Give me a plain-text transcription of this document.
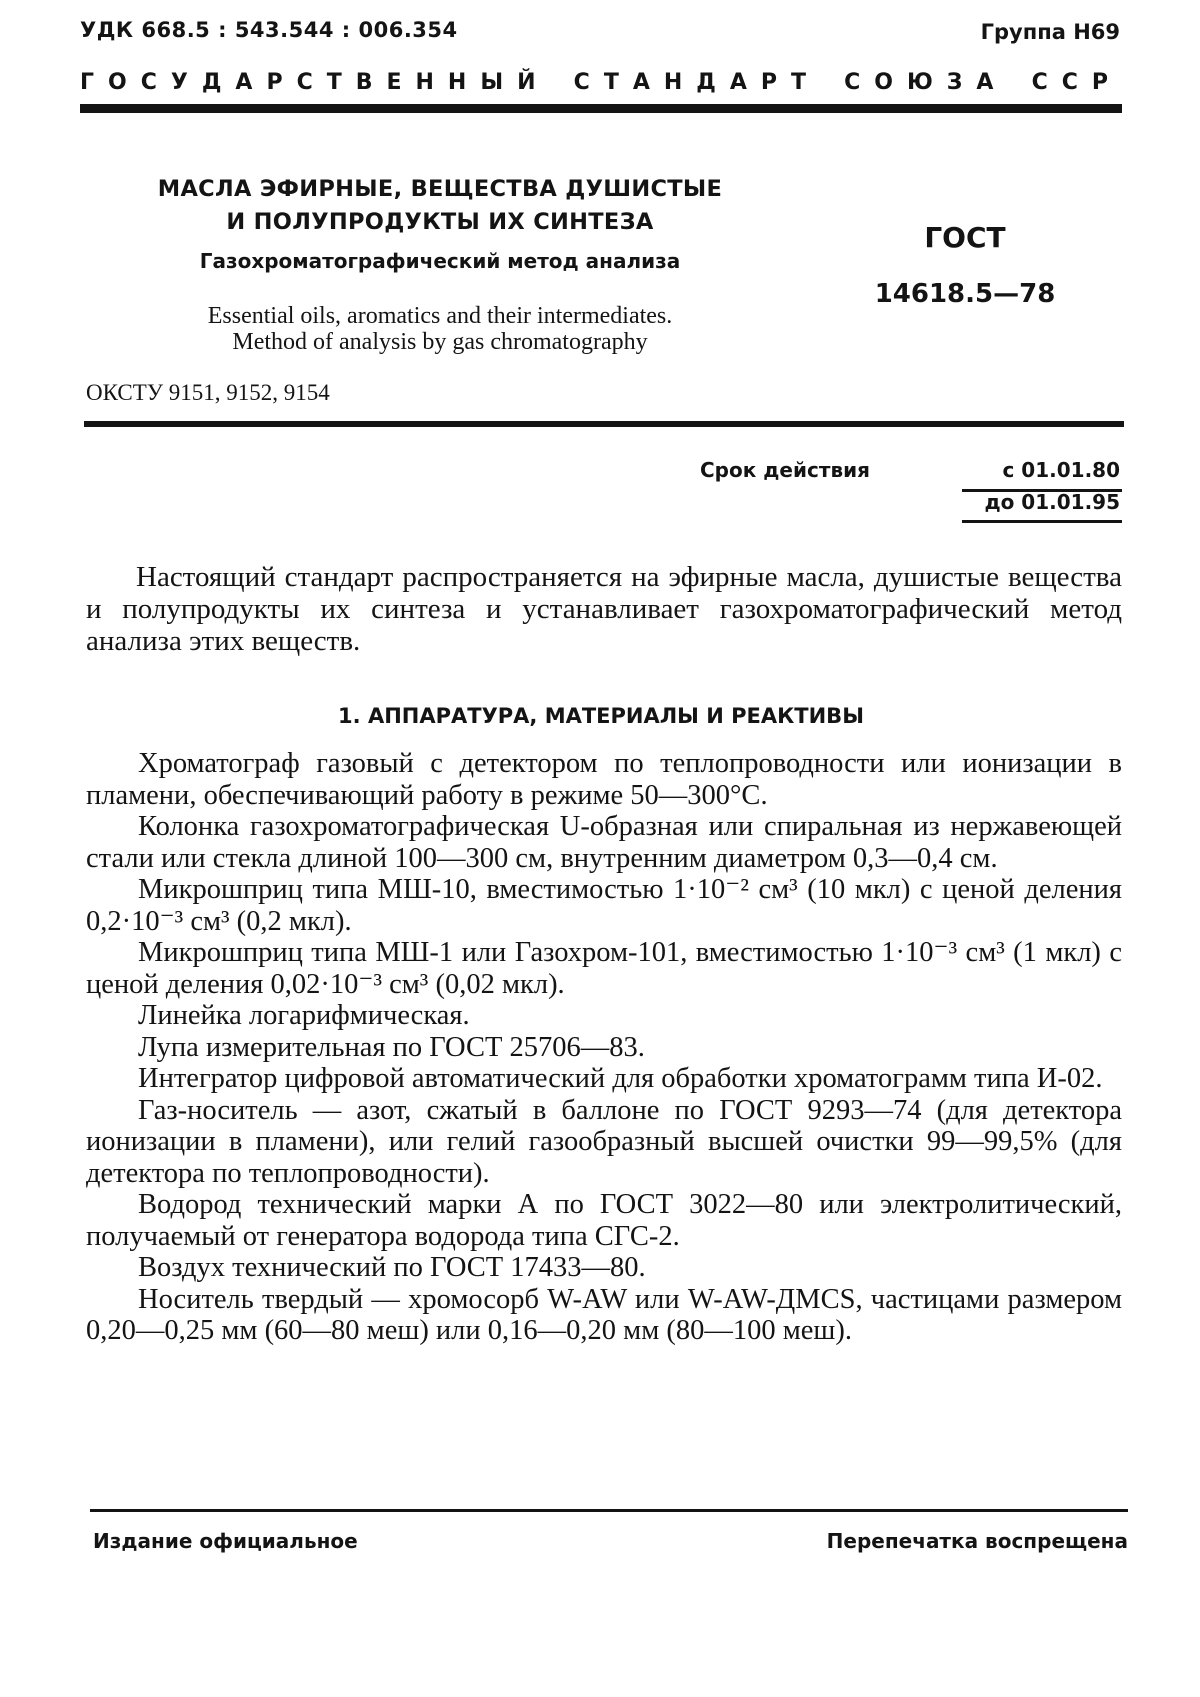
УДК 668.5 : 543.544 : 006.354	Группа Н69
ГОСУДАРСТВЕННЫЙ СТАНДАРТ СОЮЗА ССР
МАСЛА ЭФИРНЫЕ, ВЕЩЕСТВА ДУШИСТЫЕ
И ПОЛУПРОДУКТЫ ИХ СИНТЕЗА
Газохроматографический метод анализа
Essential oils, aromatics and their intermediates.
Method of analysis by gas chromatography
ГОСТ
14618.5—78
ОКСТУ 9151, 9152, 9154
Срок действия	с 01.01.80
до 01.01.95

Настоящий стандарт распространяется на эфирные масла, душистые вещества и полупродукты их синтеза и устанавливает газохроматографический метод анализа этих веществ.

1. АППАРАТУРА, МАТЕРИАЛЫ И РЕАКТИВЫ

Хроматограф газовый с детектором по теплопроводности или ионизации в пламени, обеспечивающий работу в режиме 50—300°С.

Колонка газохроматографическая U-образная или спиральная из нержавеющей стали или стекла длиной 100—300 см, внутренним диаметром 0,3—0,4 см.

Микрошприц типа МШ-10, вместимостью 1·10⁻² см³ (10 мкл) с ценой деления 0,2·10⁻³ см³ (0,2 мкл).

Микрошприц типа МШ-1 или Газохром-101, вместимостью 1·10⁻³ см³ (1 мкл) с ценой деления 0,02·10⁻³ см³ (0,02 мкл).

Линейка логарифмическая.

Лупа измерительная по ГОСТ 25706—83.

Интегратор цифровой автоматический для обработки хроматограмм типа И-02.

Газ-носитель — азот, сжатый в баллоне по ГОСТ 9293—74 (для детектора ионизации в пламени), или гелий газообразный высшей очистки 99—99,5% (для детектора по теплопроводности).

Водород технический марки А по ГОСТ 3022—80 или электролитический, получаемый от генератора водорода типа СГС-2.

Воздух технический по ГОСТ 17433—80.

Носитель твердый — хромосорб W-AW или W-AW-ДМСS, частицами размером 0,20—0,25 мм (60—80 меш) или 0,16—0,20 мм (80—100 меш).

Издание официальное	Перепечатка воспрещена
